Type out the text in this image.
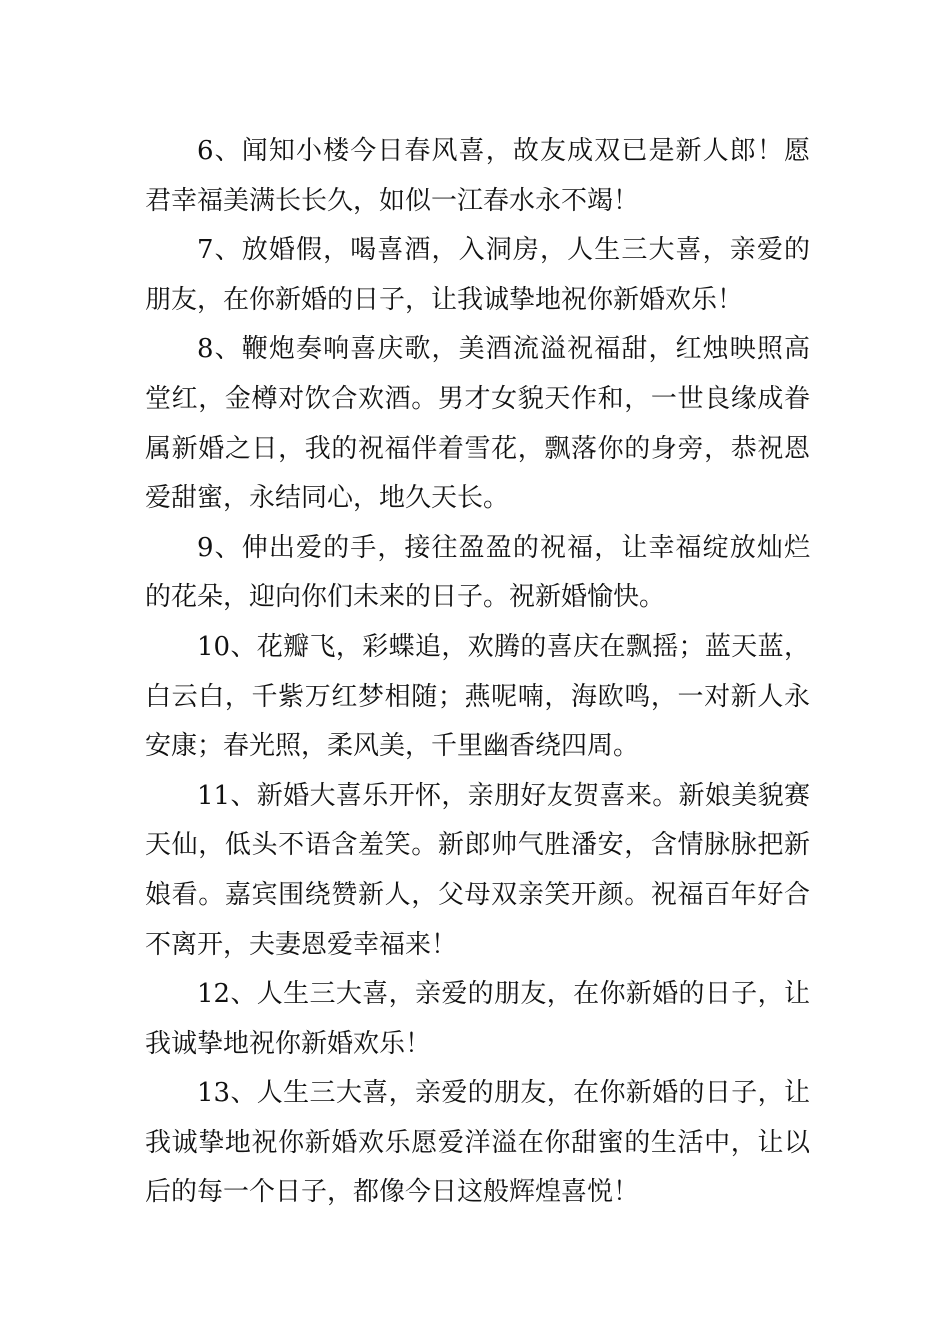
6、闻知小楼今日春风喜，故友成双已是新人郎！愿君幸福美满长长久，如似一江春水永不竭！

7、放婚假，喝喜酒，入洞房，人生三大喜，亲爱的朋友，在你新婚的日子，让我诚挚地祝你新婚欢乐！

8、鞭炮奏响喜庆歌，美酒流溢祝福甜，红烛映照高堂红，金樽对饮合欢酒。男才女貌天作和，一世良缘成眷属新婚之日，我的祝福伴着雪花，飘落你的身旁，恭祝恩爱甜蜜，永结同心，地久天长。

9、伸出爱的手，接往盈盈的祝福，让幸福绽放灿烂的花朵，迎向你们未来的日子。祝新婚愉快。

10、花瓣飞，彩蝶追，欢腾的喜庆在飘摇；蓝天蓝，白云白，千紫万红梦相随；燕呢喃，海欧鸣，一对新人永安康；春光照，柔风美，千里幽香绕四周。

11、新婚大喜乐开怀，亲朋好友贺喜来。新娘美貌赛天仙，低头不语含羞笑。新郎帅气胜潘安，含情脉脉把新娘看。嘉宾围绕赞新人，父母双亲笑开颜。祝福百年好合不离开，夫妻恩爱幸福来！

12、人生三大喜，亲爱的朋友，在你新婚的日子，让我诚挚地祝你新婚欢乐！

13、人生三大喜，亲爱的朋友，在你新婚的日子，让我诚挚地祝你新婚欢乐愿爱洋溢在你甜蜜的生活中，让以后的每一个日子，都像今日这般辉煌喜悦！
